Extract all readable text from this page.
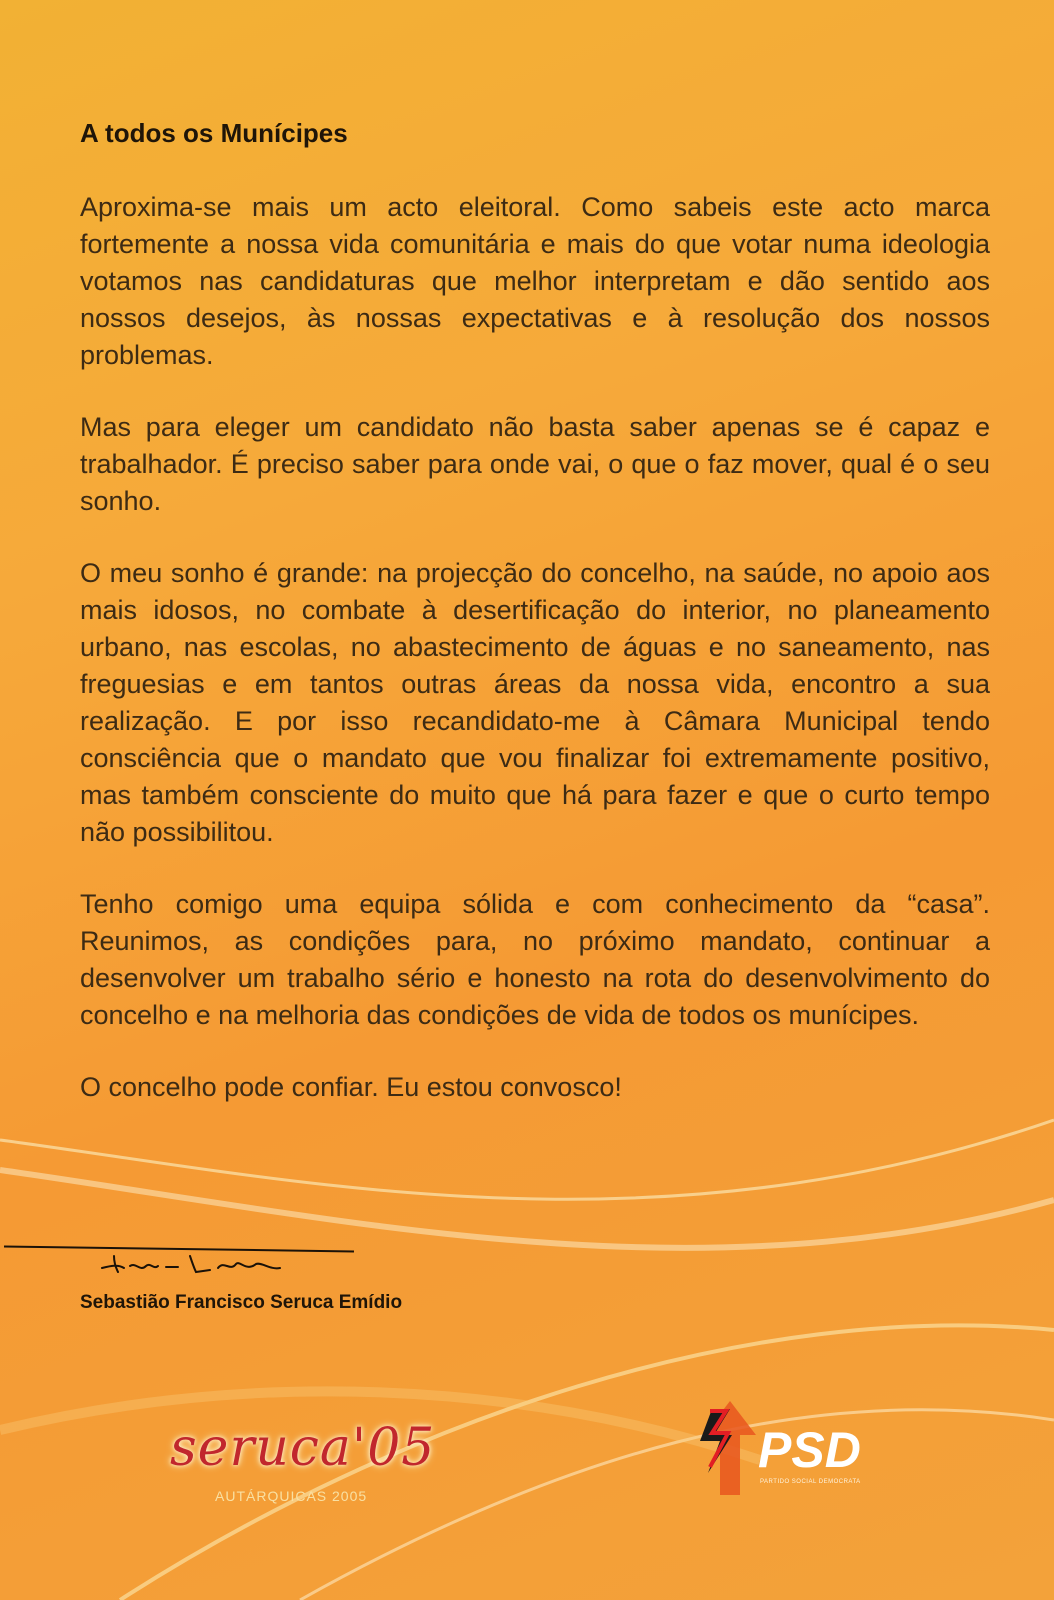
A todos os Munícipes

Aproxima-se mais um acto eleitoral. Como sabeis este acto marca fortemente a nossa vida comunitária e mais do que votar numa ideologia votamos nas candidaturas que melhor interpretam e dão sentido aos nossos desejos, às nossas expectativas e à resolução dos nossos problemas.

Mas para eleger um candidato não basta saber apenas se é capaz e trabalhador. É preciso saber para onde vai, o que o faz mover, qual é o seu sonho.

O meu sonho é grande: na projecção do concelho, na saúde, no apoio aos mais idosos, no combate à desertificação do interior, no planeamento urbano, nas escolas, no abastecimento de águas e no saneamento, nas freguesias e em tantos outras áreas da nossa vida, encontro a sua realização. E por isso recandidato-me à Câmara Municipal tendo consciência que o mandato que vou finalizar foi extremamente positivo, mas também consciente do muito que há para fazer e que o curto tempo não possibilitou.

Tenho comigo uma equipa sólida e com conhecimento da “casa”. Reunimos, as condições para, no próximo mandato, continuar a desenvolver um trabalho sério e honesto na rota do desenvolvimento do concelho e na melhoria das condições de vida de todos os munícipes.

O concelho pode confiar. Eu estou convosco!
Sebastião Francisco Seruca Emídio
seruca'05
AUTÁRQUICAS 2005
PSD
PARTIDO SOCIAL DEMOCRATA
